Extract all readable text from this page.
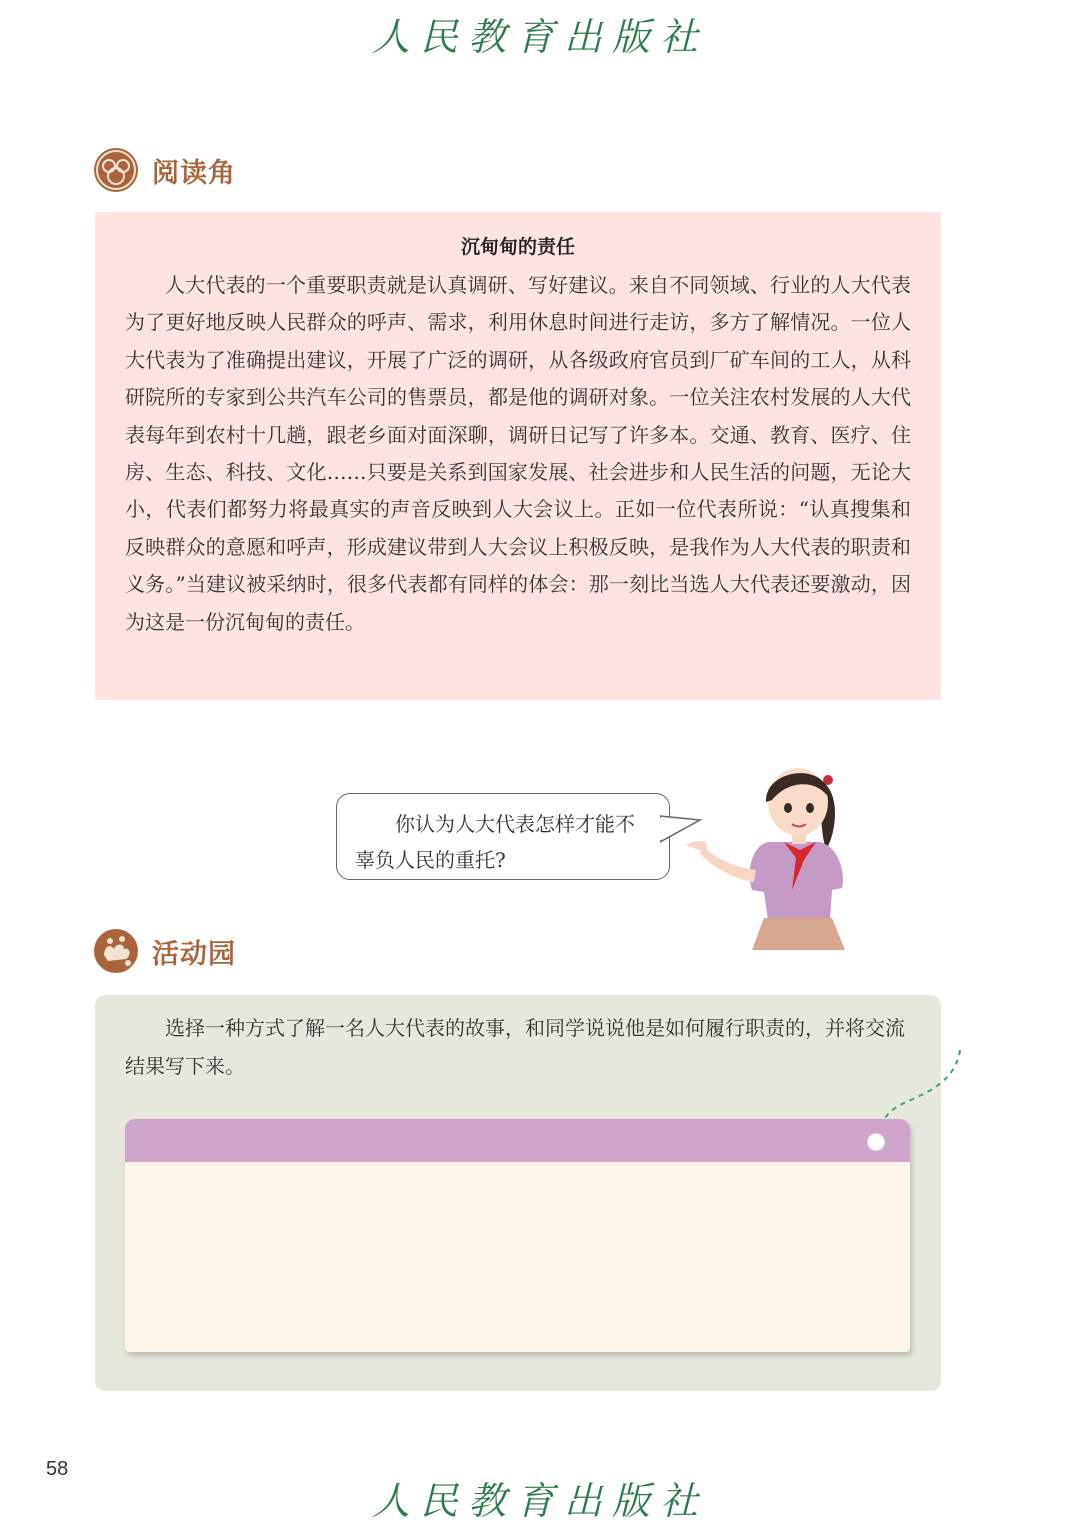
人民教育出版社
阅读角
沉甸甸的责任

人大代表的一个重要职责就是认真调研、写好建议。来自不同领域、行业的人大代表为了更好地反映人民群众的呼声、需求，利用休息时间进行走访，多方了解情况。一位人大代表为了准确提出建议，开展了广泛的调研，从各级政府官员到厂矿车间的工人，从科研院所的专家到公共汽车公司的售票员，都是他的调研对象。一位关注农村发展的人大代表每年到农村十几趟，跟老乡面对面深聊，调研日记写了许多本。交通、教育、医疗、住房、生态、科技、文化……只要是关系到国家发展、社会进步和人民生活的问题，无论大小，代表们都努力将最真实的声音反映到人大会议上。正如一位代表所说：“认真搜集和反映群众的意愿和呼声，形成建议带到人大会议上积极反映，是我作为人大代表的职责和义务。”当建议被采纳时，很多代表都有同样的体会：那一刻比当选人大代表还要激动，因为这是一份沉甸甸的责任。

你认为人大代表怎样才能不辜负人民的重托?
活动园

选择一种方式了解一名人大代表的故事，和同学说说他是如何履行职责的，并将交流结果写下来。

58
人民教育出版社
